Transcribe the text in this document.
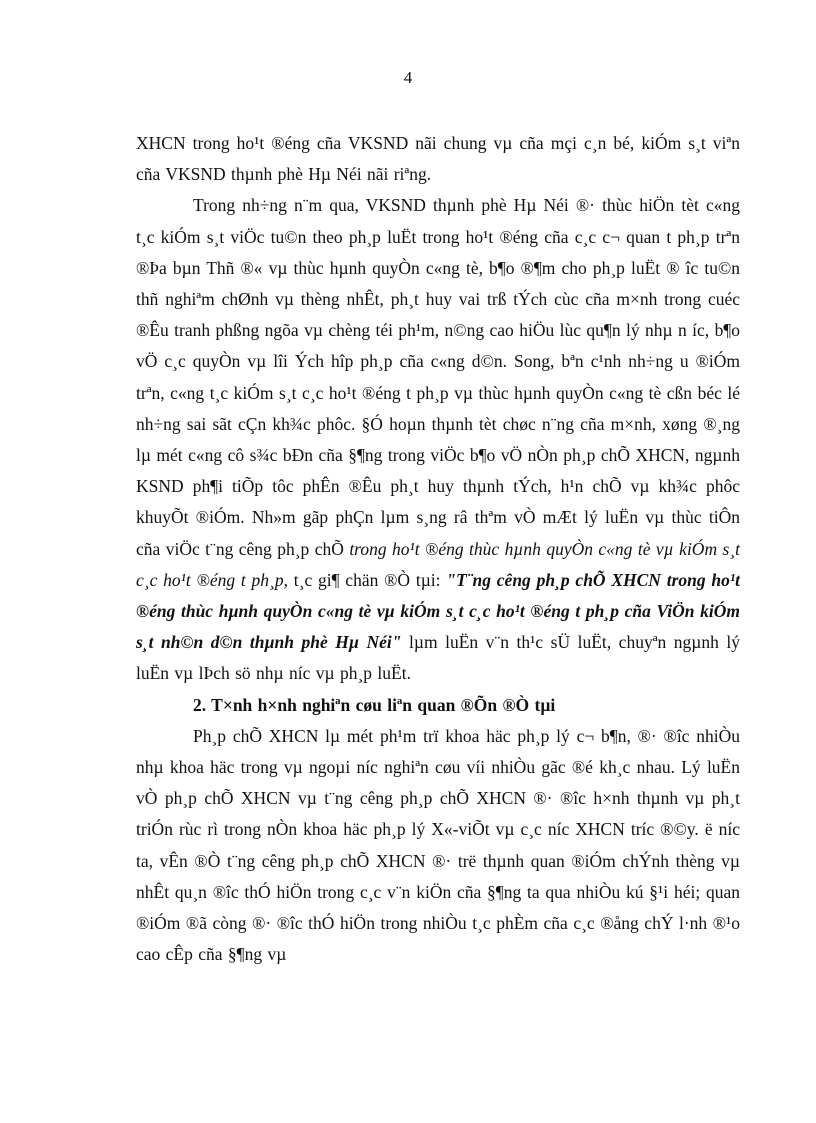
4

XHCN trong ho¹t ®éng cña VKSND nãi chung vµ cña mçi c¸n bé, kiÓm s¸t viªn cña VKSND thµnh phè Hµ Néi nãi riªng.

Trong nh÷ng n¨m qua, VKSND thµnh phè Hµ Néi ®· thùc hiÖn tèt c«ng t¸c kiÓm s¸t viÖc tu©n theo ph¸p luËt trong ho¹t ®éng cña c¸c c¬ quan t ph¸p trªn ®Þa bµn Thñ ®« vµ thùc hµnh quyÒn c«ng tè, b¶o ®¶m cho ph¸p luËt ® îc tu©n thñ nghiªm chØnh vµ thèng nhÊt, ph¸t huy vai trß tÝch cùc cña m×nh trong cuéc ®Êu tranh phßng ngõa vµ chèng téi ph¹m, n©ng cao hiÖu lùc qu¶n lý nhµ n íc, b¶o vÖ c¸c quyÒn vµ lîi Ých hîp ph¸p cña c«ng d©n. Song, bªn c¹nh nh÷ng u ®iÓm trªn, c«ng t¸c kiÓm s¸t c¸c ho¹t ®éng t ph¸p vµ thùc hµnh quyÒn c«ng tè cßn béc lé nh÷ng sai sãt cÇn kh¾c phôc. §Ó hoµn thµnh tèt chøc n¨ng cña m×nh, xøng ®¸ng lµ mét c«ng cô s¾c bÐn cña §¶ng trong viÖc b¶o vÖ nÒn ph¸p chÕ XHCN, ngµnh KSND ph¶i tiÕp tôc phÊn ®Êu ph¸t huy thµnh tÝch, h¹n chÕ vµ kh¾c phôc khuyÕt ®iÓm. Nh»m gãp phÇn lµm s¸ng râ thªm vÒ mÆt lý luËn vµ thùc tiÔn cña viÖc t¨ng cêng ph¸p chÕ trong ho¹t ®éng thùc hµnh quyÒn c«ng tè vµ kiÓm s¸t c¸c ho¹t ®éng t ph¸p, t¸c gi¶ chän ®Ò tµi: "T¨ng cêng ph¸p chÕ XHCN trong ho¹t ®éng thùc hµnh quyÒn c«ng tè vµ kiÓm s¸t c¸c ho¹t ®éng t ph¸p cña ViÖn kiÓm s¸t nh©n d©n thµnh phè Hµ Néi" lµm luËn v¨n th¹c sÜ luËt, chuyªn ngµnh lý luËn vµ lÞch sö nhµ níc vµ ph¸p luËt.

2. T×nh h×nh nghiªn cøu liªn quan ®Õn ®Ò tµi

Ph¸p chÕ XHCN lµ mét ph¹m trï khoa häc ph¸p lý c¬ b¶n, ®· ®îc nhiÒu nhµ khoa häc trong vµ ngoµi níc nghiªn cøu víi nhiÒu gãc ®é kh¸c nhau. Lý luËn vÒ ph¸p chÕ XHCN vµ t¨ng cêng ph¸p chÕ XHCN ®· ®îc h×nh thµnh vµ ph¸t triÓn rùc rì trong nÒn khoa häc ph¸p lý X«-viÕt vµ c¸c níc XHCN tríc ®©y. ë níc ta, vÊn ®Ò t¨ng cêng ph¸p chÕ XHCN ®· trë thµnh quan ®iÓm chÝnh thèng vµ nhÊt qu¸n ®îc thÓ hiÖn trong c¸c v¨n kiÖn cña §¶ng ta qua nhiÒu kú §¹i héi; quan ®iÓm ®ã còng ®· ®îc thÓ hiÖn trong nhiÒu t¸c phÈm cña c¸c ®ång chÝ l·nh ®¹o cao cÊp cña §¶ng vµ
